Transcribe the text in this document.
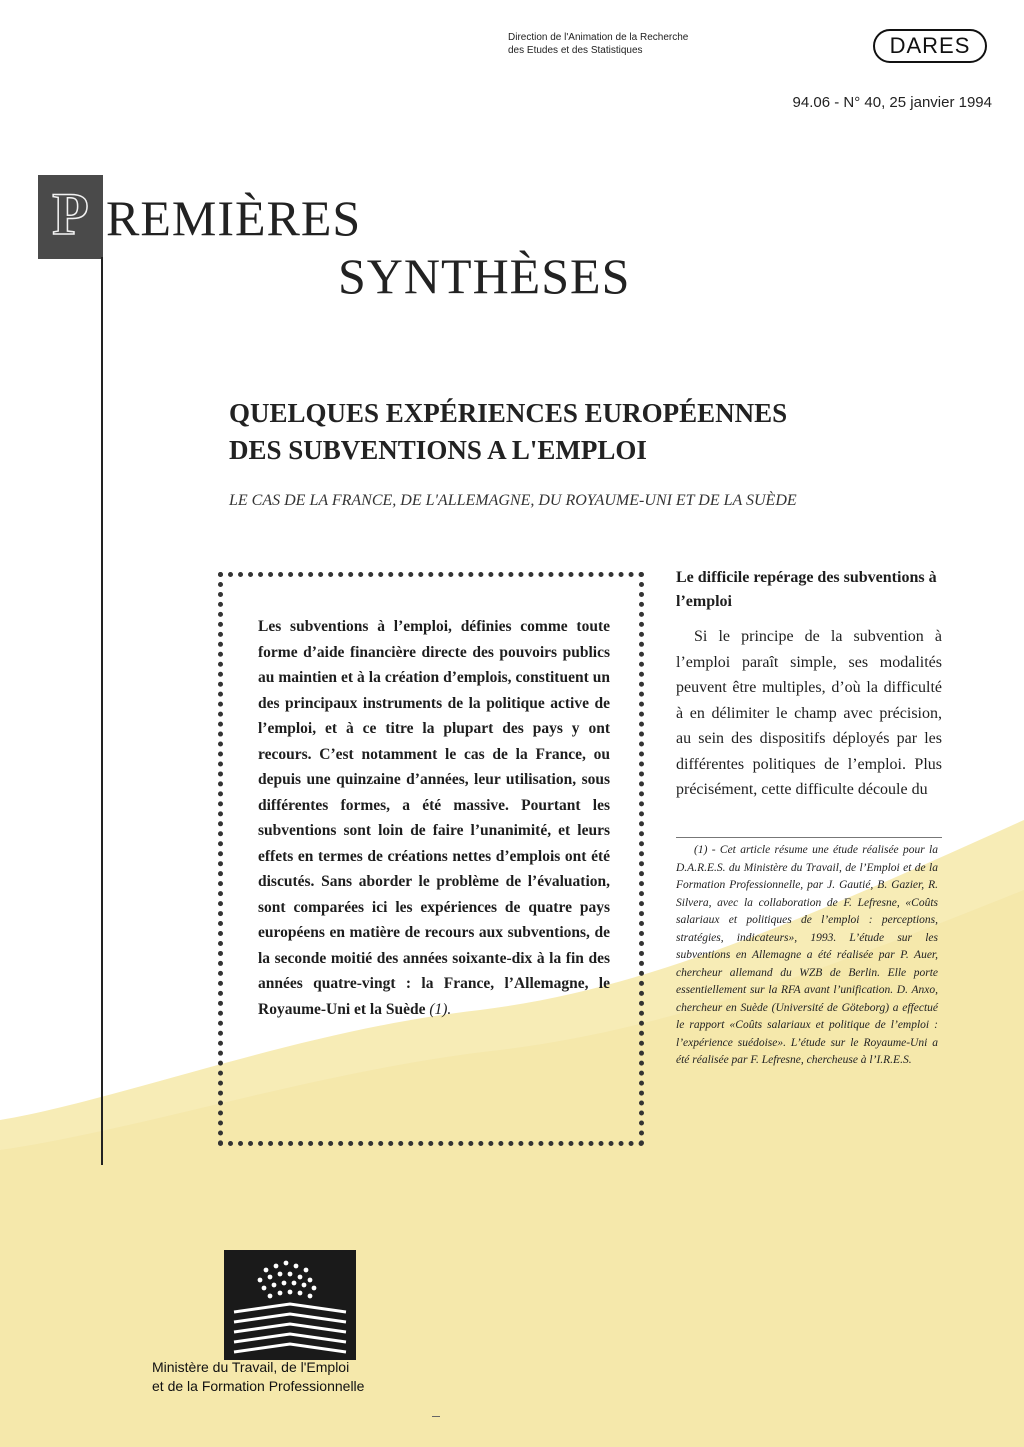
Direction de l'Animation de la Recherche
des Etudes et des Statistiques	DARES
94.06 - N° 40, 25 janvier 1994
P REMIÈRES
SYNTHÈSES
QUELQUES EXPÉRIENCES EUROPÉENNES
DES SUBVENTIONS A L'EMPLOI
LE CAS DE LA FRANCE, DE L'ALLEMAGNE, DU ROYAUME-UNI ET DE LA SUÈDE
Les subventions à l’emploi, définies comme toute forme d’aide financière directe des pouvoirs publics au maintien et à la création d’emplois, constituent un des principaux instruments de la politique active de l’emploi, et à ce titre la plupart des pays y ont recours. C’est notamment le cas de la France, ou depuis une quinzaine d’années, leur utilisation, sous différentes formes, a été massive. Pourtant les subventions sont loin de faire l’unanimité, et leurs effets en termes de créations nettes d’emplois ont été discutés. Sans aborder le problème de l’évaluation, sont comparées ici les expériences de quatre pays européens en matière de recours aux subventions, de la seconde moitié des années soixante-dix à la fin des années quatre-vingt : la France, l’Allemagne, le Royaume-Uni et la Suède (1).
Le difficile repérage des subventions à l’emploi
Si le principe de la subvention à l’emploi paraît simple, ses modalités peuvent être multiples, d’où la difficulté à en délimiter le champ avec précision, au sein des dispositifs déployés par les différentes politiques de l’emploi. Plus précisément, cette difficulte découle du
(1) - Cet article résume une étude réalisée pour la D.A.R.E.S. du Ministère du Travail, de l’Emploi et de la Formation Professionnelle, par J. Gautié, B. Gazier, R. Silvera, avec la collaboration de F. Lefresne, «Coûts salariaux et politiques de l’emploi : perceptions, stratégies, indicateurs», 1993. L’étude sur les subventions en Allemagne a été réalisée par P. Auer, chercheur allemand du WZB de Berlin. Elle porte essentiellement sur la RFA avant l’unification. D. Anxo, chercheur en Suède (Université de Göteborg) a effectué le rapport «Coûts salariaux et politique de l’emploi : l’expérience suédoise». L’étude sur le Royaume-Uni a été réalisée par F. Lefresne, chercheuse à l’I.R.E.S.
Ministère du Travail, de l'Emploi
et de la Formation Professionnelle
